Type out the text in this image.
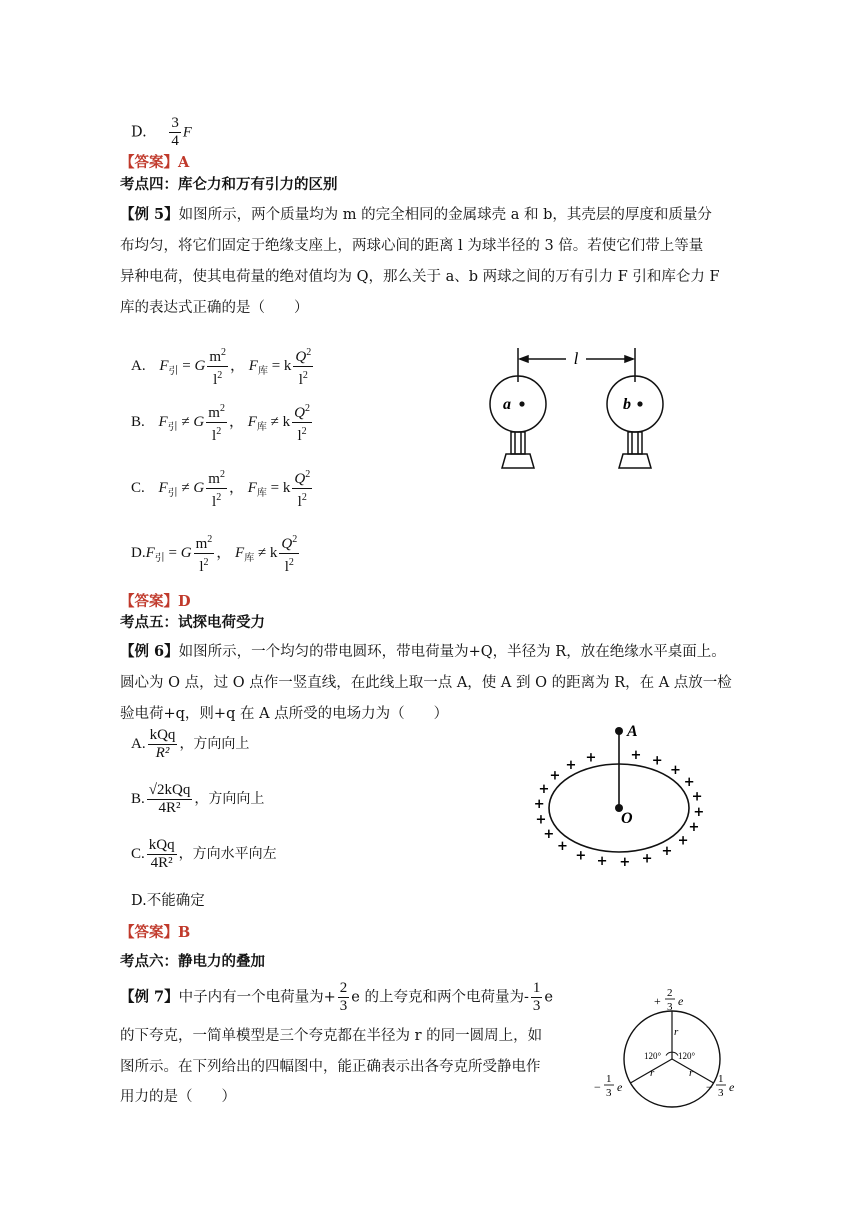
D. $\frac{3}{4}$ F
【答案】A
考点四：库仑力和万有引力的区别
【例 5】如图所示，两个质量均为 m 的完全相同的金属球壳 a 和 b，其壳层的厚度和质量分
布均匀，将它们固定于绝缘支座上，两球心间的距离 l 为球半径的 3 倍。若使它们带上等量
异种电荷，使其电荷量的绝对值均为 Q，那么关于 a、b 两球之间的万有引力 F 引和库仑力 F
库的表达式正确的是（　　）
A. $F_引 = G \frac{m^2}{l^2}$ ， $F_库 = k \frac{Q^2}{l^2}$
B. $F_引 \ne G \frac{m^2}{l^2}$ ， $F_库 \ne k \frac{Q^2}{l^2}$
C. $F_引 \ne G \frac{m^2}{l^2}$ ， $F_库 = k \frac{Q^2}{l^2}$
$D.F_引 = G \frac{m^2}{l^2}$ ， $F_库 \ne k \frac{Q^2}{l^2}$
l
a	b
【答案】D
考点五：试探电荷受力
【例 6】如图所示，一个均匀的带电圆环，带电荷量为+Q，半径为 R，放在绝缘水平桌面上。
圆心为 O 点，过 O 点作一竖直线，在此线上取一点 A，使 A 到 O 的距离为 R，在 A 点放一检
验电荷+q，则+q 在 A 点所受的电场力为（　　）
A. $\frac{\text{kQq}}{\text{R²}}$ ，方向向上
B. $\frac{\text{√2kQq}}{\text{4R²}}$ ，方向向上
C. $\frac{\text{kQq}}{\text{4R²}}$ ，方向水平向左
D.不能确定
A
O	+
+
+
+
+
+
+
+
+
+
+
+
+
+
+ +	+ +
+
+
+
【答案】B
考点六：静电力的叠加
【例 7】中子内有一个电荷量为+ $\frac{2}{3}$ e 的上夸克和两个电荷量为- $\frac{1}{3}$ e
的下夸克，一简单模型是三个夸克都在半径为 r 的同一圆周上，如
图所示。在下列给出的四幅图中，能正确表示出各夸克所受静电作
用力的是（　　）
r
r	r
120° 120°
+
2
3 e
−
1
3 e	−
1
3 e
